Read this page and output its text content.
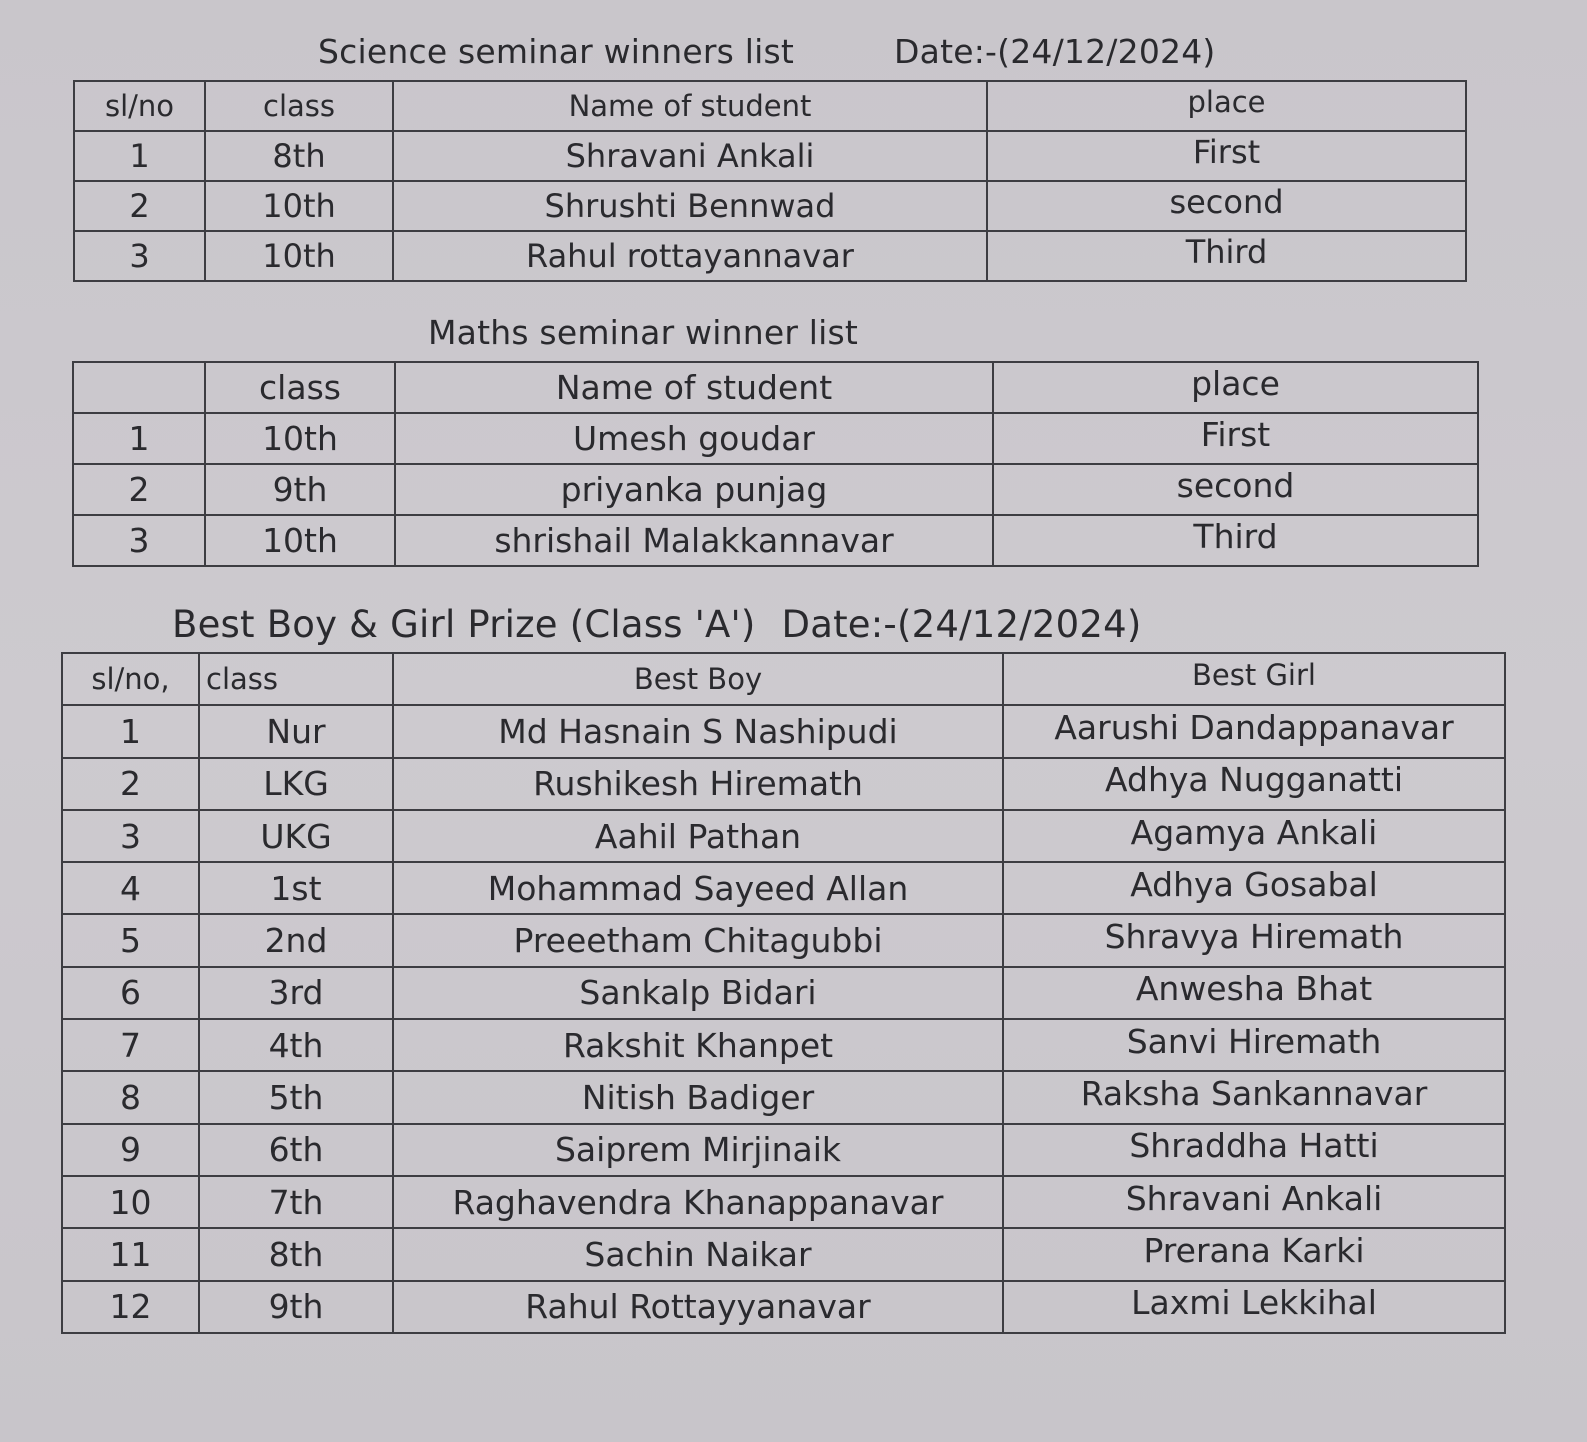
Science seminar winners list	Date:-(24/12/2024)
sl/no	class	Name of student	place
1	8th	Shravani Ankali	First
2	10th	Shrushti Bennwad	second
3	10th	Rahul rottayannavar	Third
Maths seminar winner list
	class	Name of student	place
1	10th	Umesh goudar	First
2	9th	priyanka punjag	second
3	10th	shrishail Malakkannavar	Third
Best Boy & Girl Prize (Class 'A') Date:-(24/12/2024)
sl/no,	class	Best Boy	Best Girl
1	Nur	Md Hasnain S Nashipudi	Aarushi Dandappanavar
2	LKG	Rushikesh Hiremath	Adhya Nugganatti
3	UKG	Aahil Pathan	Agamya Ankali
4	1st	Mohammad Sayeed Allan	Adhya Gosabal
5	2nd	Preeetham Chitagubbi	Shravya Hiremath
6	3rd	Sankalp Bidari	Anwesha Bhat
7	4th	Rakshit Khanpet	Sanvi Hiremath
8	5th	Nitish Badiger	Raksha Sankannavar
9	6th	Saiprem Mirjinaik	Shraddha Hatti
10	7th	Raghavendra Khanappanavar	Shravani Ankali
11	8th	Sachin Naikar	Prerana Karki
12	9th	Rahul Rottayyanavar	Laxmi Lekkihal
